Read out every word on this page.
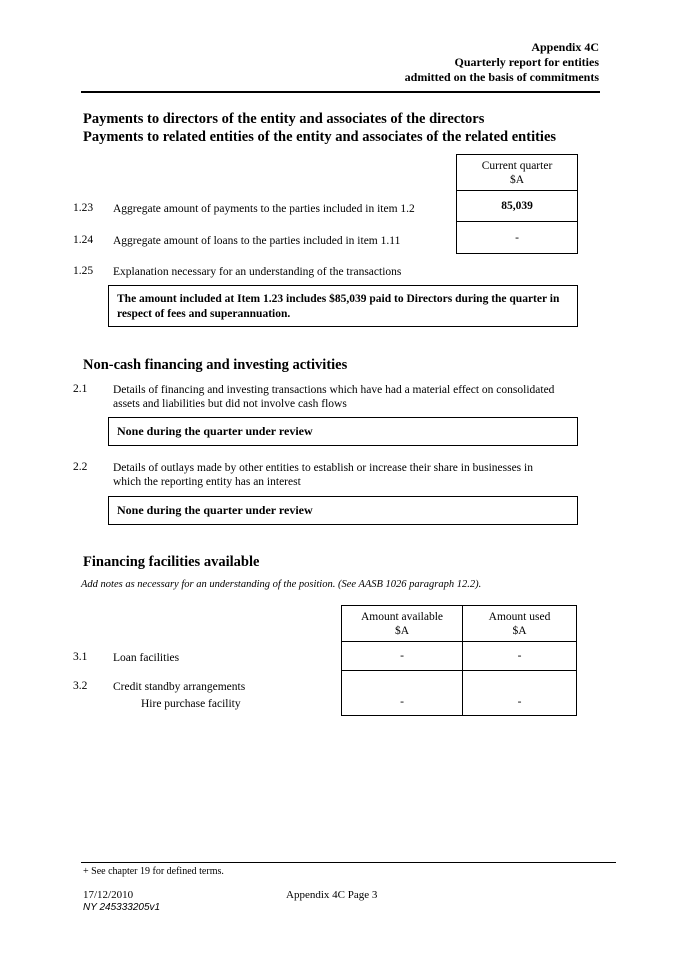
Appendix 4C
Quarterly report for entities
admitted on the basis of commitments
Payments to directors of the entity and associates of the directors
Payments to related entities of the entity and associates of the related entities
Current quarter
$A
1.23 Aggregate amount of payments to the parties included in item 1.2	85,039
1.24 Aggregate amount of loans to the parties included in item 1.11	-
1.25 Explanation necessary for an understanding of the transactions
The amount included at Item 1.23 includes $85,039 paid to Directors during the quarter in
respect of fees and superannuation.
Non-cash financing and investing activities
2.1 Details of financing and investing transactions which have had a material effect on consolidated
assets and liabilities but did not involve cash flows
None during the quarter under review
2.2 Details of outlays made by other entities to establish or increase their share in businesses in
which the reporting entity has an interest
None during the quarter under review
Financing facilities available
Add notes as necessary for an understanding of the position. (See AASB 1026 paragraph 12.2).
Amount available
$A
Amount used
$A
3.1 Loan facilities	-	-
3.2 Credit standby arrangements
Hire purchase facility	-	-
+ See chapter 19 for defined terms.
17/12/2010	Appendix 4C Page 3
NY 245333205v1
